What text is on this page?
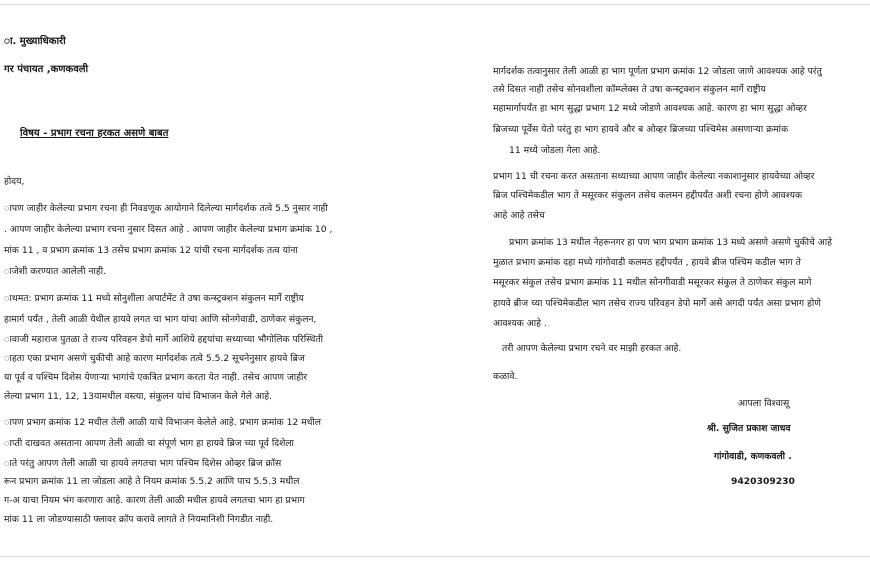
ा. मुख्याधिकारी
गर पंचायत ,कणकवली
विषय - प्रभाग रचना हरकत असणे बाबत
होदय,
ापण जाहीर केलेल्या प्रभाग रचना ही निवडणूक आयोगाने दिलेल्या मार्गदर्शक तत्वे 5.5 नुसार नाही
. आपण जाहीर केलेल्या प्रभाग रचना नुसार दिसत आहे . आपण जाहीर केलेल्या प्रभाग क्रमांक 10 ,
मांक 11 , व प्रभाग क्रमांक 13 तसेच प्रभाग क्रमांक 12 यांची रचना मार्गदर्शक तत्व यांना
ाजेशी करण्यात आलेली नाही.
ाथमत: प्रभाग क्रमांक 11 मध्ये सोनुशीला अपार्टमेंट ते उषा कन्स्ट्रक्शन संकुलन मार्गे राष्ट्रीय
हामार्ग पर्यंत , तेली आळी येथील हायवे लगत चा भाग यांचा आणि सोनगेवाडी, ठाणेकर संकुलन,
ावाजी महाराज पुतळा ते राज्य परिवहन डेपो मार्गे आशिये हद्दयांचा सध्याच्या भौगोलिक परिस्थिती
ाहता एका प्रभाग असणे चुकीची आहे कारण मार्गदर्शक तत्वे 5.5.2 सूचनेनुसार हायवे ब्रिज
या पूर्व व पश्चिम दिशेस येणाऱ्या भागांचे एकत्रित प्रभाग करता येत नाही. तसेच आपण जाहीर
लेल्या प्रभाग 11, 12, 13यामधील वस्त्या, संकुलन यांचं विभाजन केले गेले आहे.
ापण प्रभाग क्रमांक 12 मधील तेली आळी याचे विभाजन केलेले आहे. प्रभाग क्रमांक 12 मधील
ाप्ती दाखवत असताना आपण तेली आळी चा संपूर्ण भाग हा हायवे ब्रिज च्या पूर्व दिशेला
ाते परंतु आपण तेली आळी चा हायवे लगतचा भाग पश्चिम दिशेस ओव्हर ब्रिज क्रॉस
रून प्रभाग क्रमांक 11 ला जोडला आहे ते नियम क्रमांक 5.5.2 आणि पाच 5.5.3 मधील
ग-अ याचा नियम भंग करणारा आहे. कारण तेली आळी मधील हायवे लगतचा भाग हा प्रभाग
मांक 11 ला जोडण्यासाठी फ्लावर क्रॉप करावे लागते ते नियमानिशी निगडीत नाही.
मार्गदर्शक तत्वानुसार तेली आळी हा भाग पूर्णता प्रभाग क्रमांक 12 जोडला जाणे आवश्यक आहे परंतु
तसे दिसत नाही तसेच सोनवशीला कॉम्प्लेक्स ते उषा कन्स्ट्रक्शन संकुलन मार्गे राष्ट्रीय
महामार्गापर्यंत हा भाग सुद्धा प्रभाग 12 मध्ये जोडणे आवश्यक आहे. कारण हा भाग सुद्धा ओव्हर
ब्रिजच्या पूर्वेस येतो परंतु हा भाग हायवे और ब ओव्हर ब्रिजच्या पश्चिमेस असणाऱ्या क्रमांक
11 मध्ये जोडला गेला आहे.
प्रभाग 11 ची रचना करत असताना सध्याच्या आपण जाहीर केलेल्या नकाशानुसार हायवेच्या ओव्हर
ब्रिज पश्चिमेकडील भाग ते मसूरकर संकुलन तसेच कलमन हद्दीपर्यंत अशी रचना होणे आवश्यक
आहे आहे तसेच
प्रभाग क्रमांक 13 मधील नेहरूनगर हा पण भाग प्रभाग क्रमांक 13 मध्ये असणे असणे चुकीचे आहे
मुळात प्रभाग क्रमांक दहा मध्ये गांगोवाडी कलमठ हद्दीपर्यंत , हायवे ब्रीज पश्चिम कडील भाग ते
मसूरकर संकुल तसेच प्रभाग क्रमांक 11 मधील सोनगीवाडी मसूरकर संकुल ते ठाणेकर संकुल मागे
हायवे ब्रीज च्या पश्चिमेकडील भाग तसेच राज्य परिवहन डेपो मार्गे असे अगदी पर्यंत असा प्रभाग होणे
आवश्यक आहे .
तरी आपण केलेल्या प्रभाग रचने वर माझी हरकत आहे.
कळावे.
आपला विश्वासू
श्री. सुजित प्रकाश जाधव
गांगोवाडी, कणकवली .
9420309230
